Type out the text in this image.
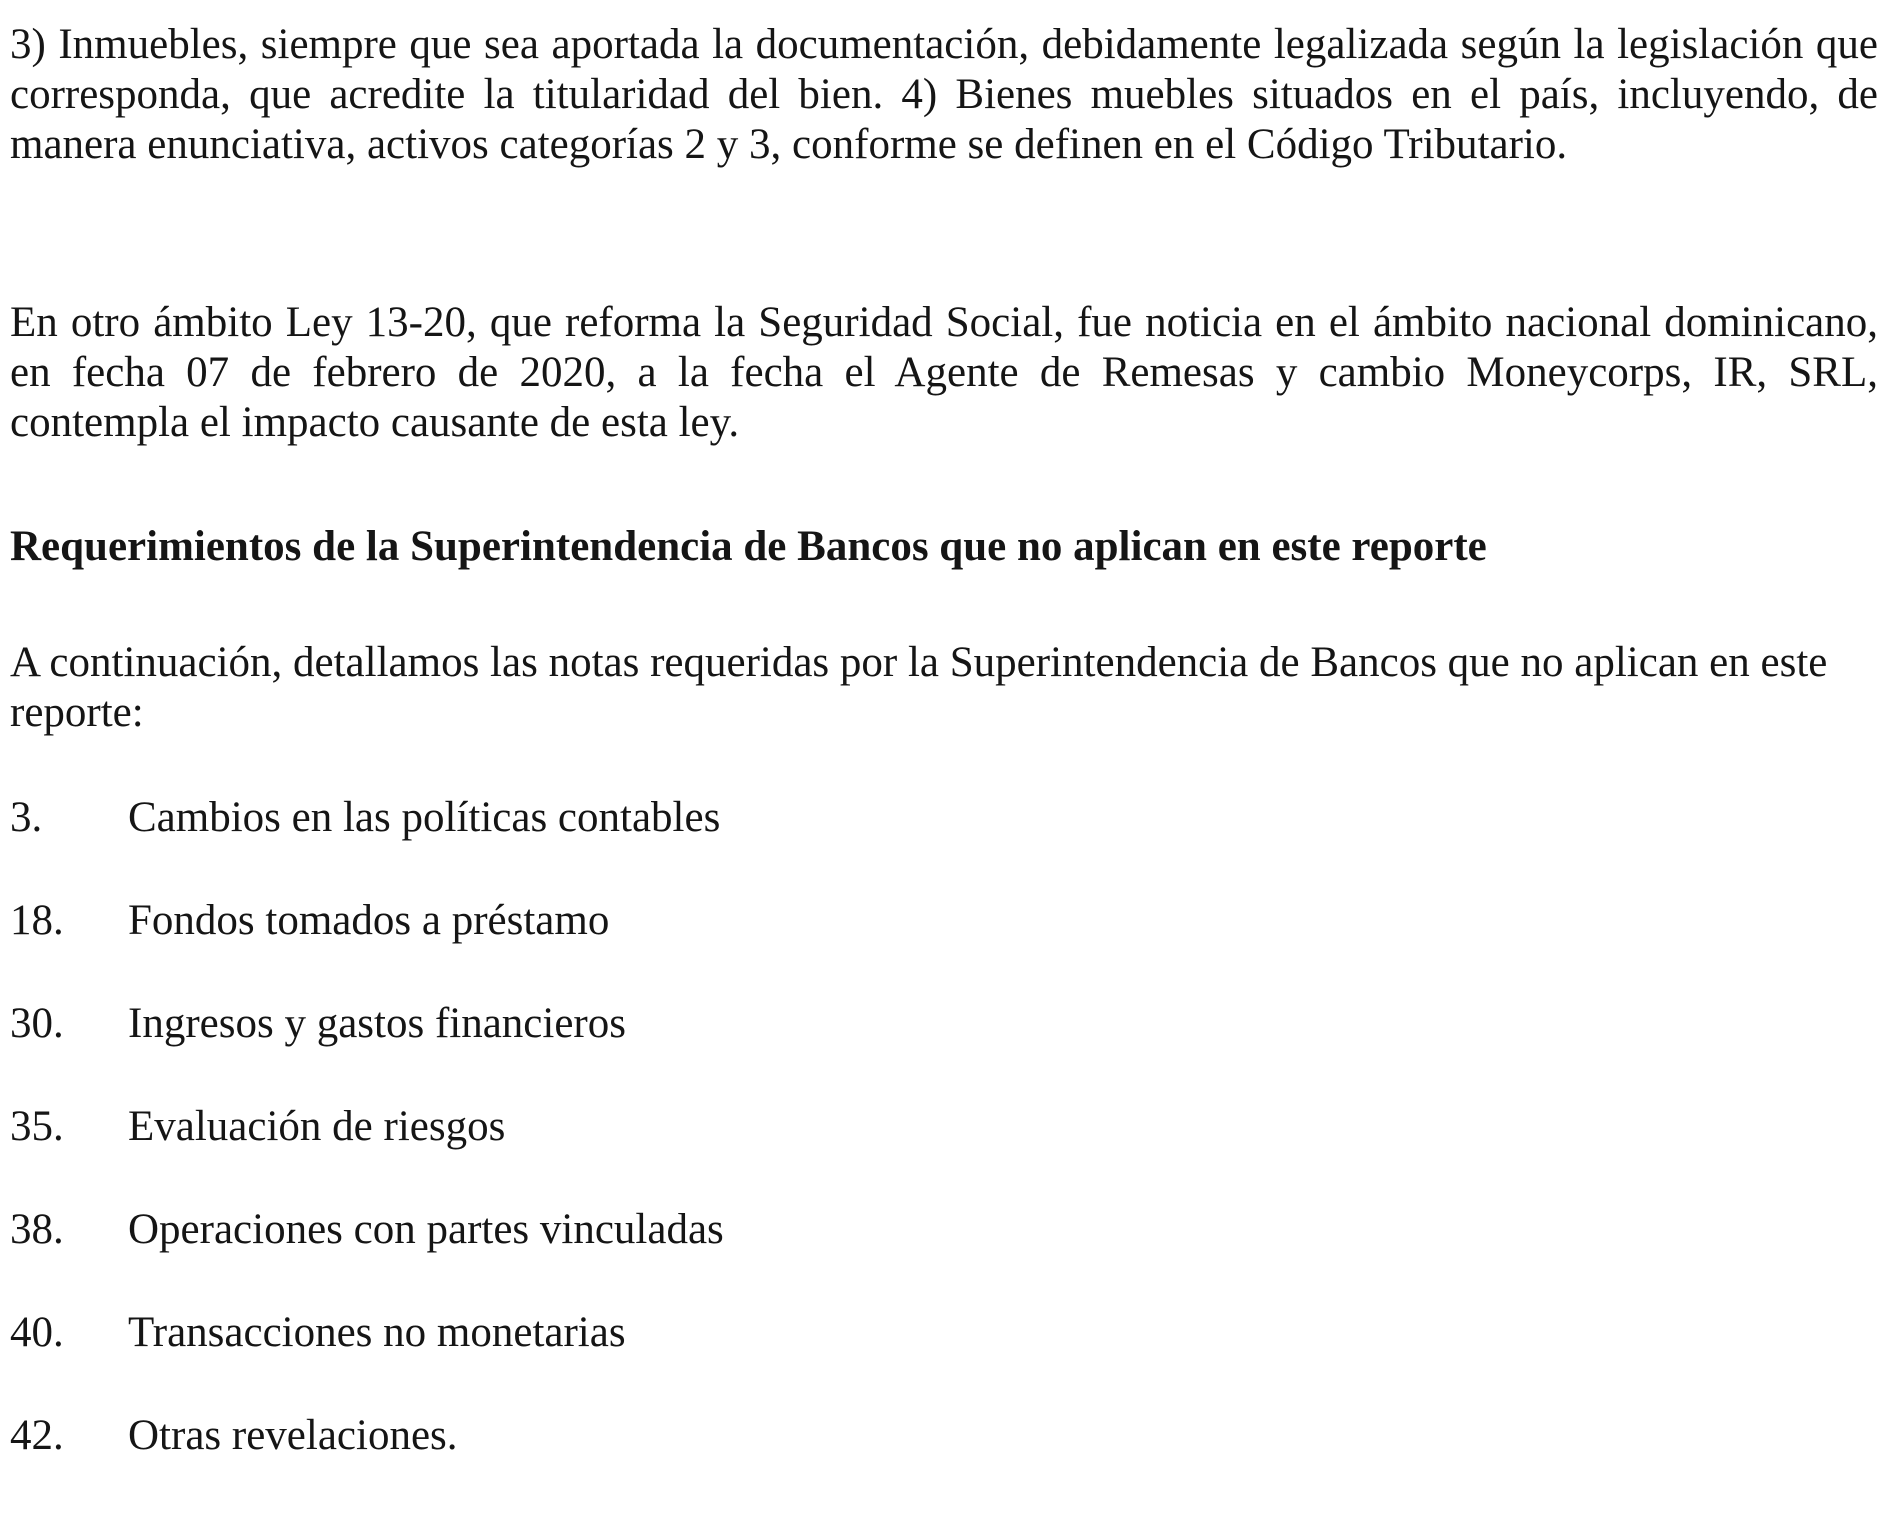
3) Inmuebles, siempre que sea aportada la documentación, debidamente legalizada según la legislación que corresponda, que acredite la titularidad del bien. 4) Bienes muebles situados en el país, incluyendo, de manera enunciativa, activos categorías 2 y 3, conforme se definen en el Código Tributario.

En otro ámbito Ley 13-20, que reforma la Seguridad Social, fue noticia en el ámbito nacional dominicano, en fecha 07 de febrero de 2020, a la fecha el Agente de Remesas y cambio Moneycorps, IR, SRL, contempla el impacto causante de esta ley.

Requerimientos de la Superintendencia de Bancos que no aplican en este reporte

A continuación, detallamos las notas requeridas por la Superintendencia de Bancos que no aplican en este reporte:

3. Cambios en las políticas contables
18. Fondos tomados a préstamo
30. Ingresos y gastos financieros
35. Evaluación de riesgos
38. Operaciones con partes vinculadas
40. Transacciones no monetarias
42. Otras revelaciones.
